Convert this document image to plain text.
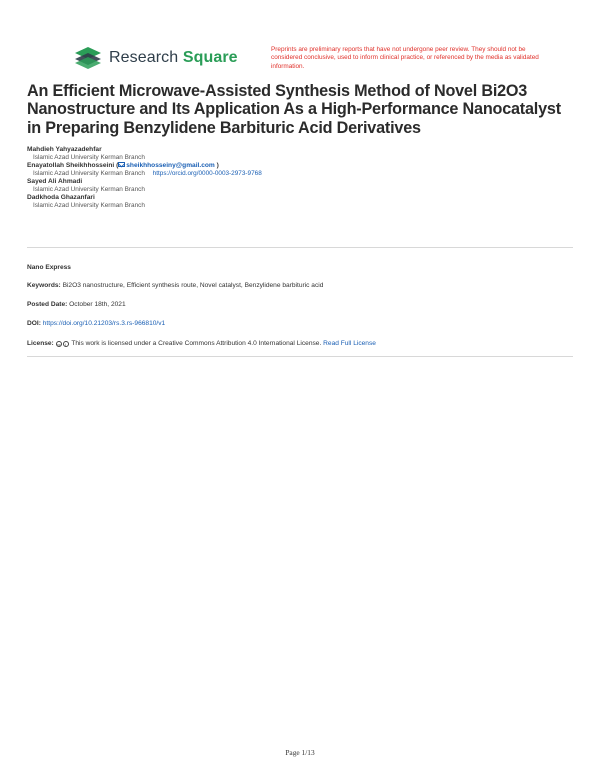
Research Square	Preprints are preliminary reports that have not undergone peer review. They should not be considered conclusive, used to inform clinical practice, or referenced by the media as validated information.
An Efficient Microwave-Assisted Synthesis Method of Novel Bi2O3 Nanostructure and Its Application As a High-Performance Nanocatalyst in Preparing Benzylidene Barbituric Acid Derivatives
Mahdieh Yahyazadehfar
Islamic Azad University Kerman Branch
Enayatollah Sheikhhosseini ( sheikhhosseiny@gmail.com )
Islamic Azad University Kerman Branch https://orcid.org/0000-0003-2973-9768
Sayed Ali Ahmadi
Islamic Azad University Kerman Branch
Dadkhoda Ghazanfari
Islamic Azad University Kerman Branch
Nano Express
Keywords: Bi2O3 nanostructure, Efficient synthesis route, Novel catalyst, Benzylidene barbituric acid
Posted Date: October 18th, 2021
DOI: https://doi.org/10.21203/rs.3.rs-966810/v1
License: cc i This work is licensed under a Creative Commons Attribution 4.0 International License. Read Full License
Page 1/13
